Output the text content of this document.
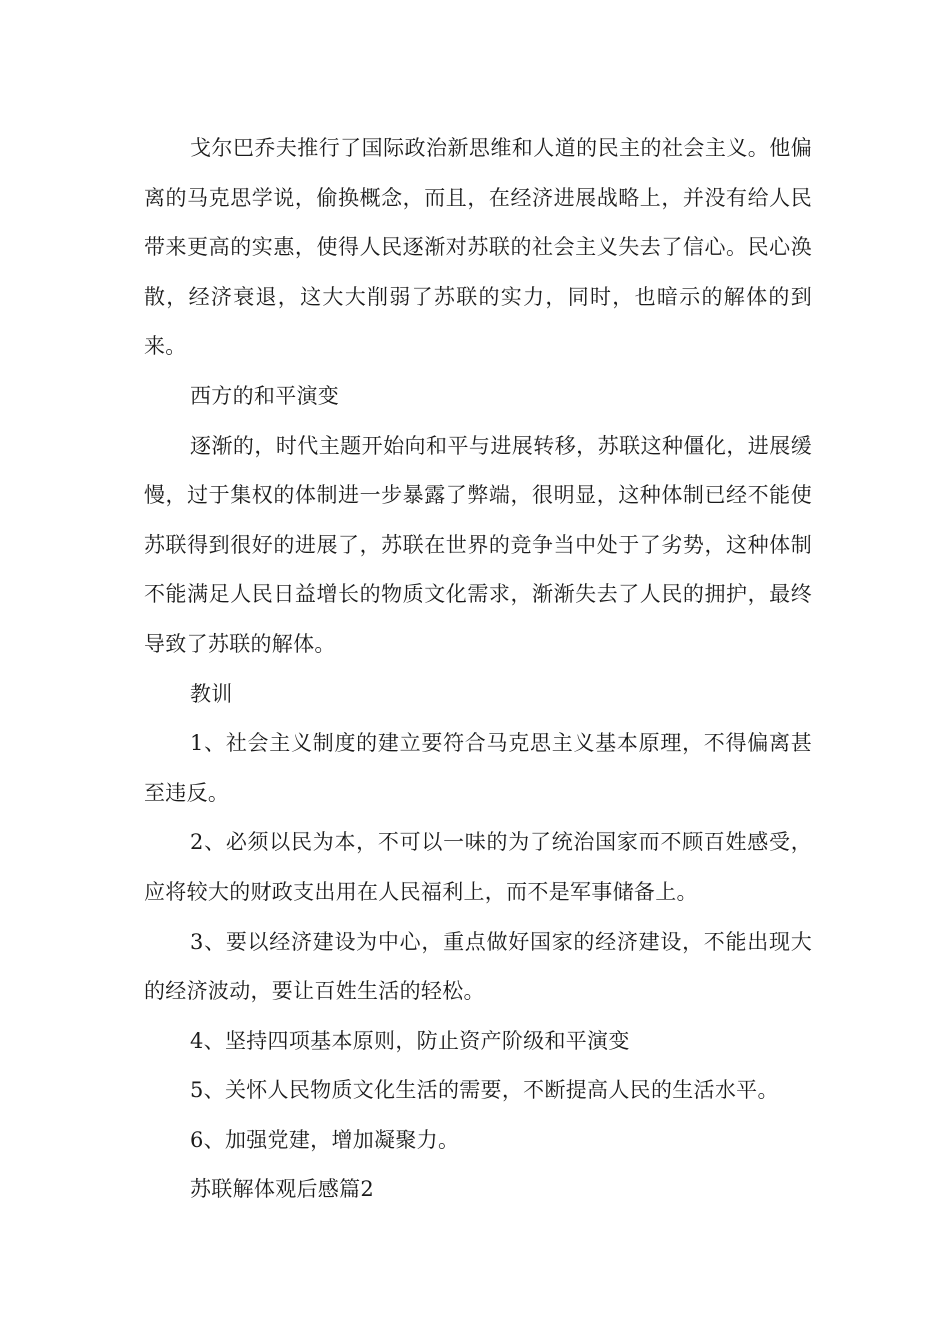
戈尔巴乔夫推行了国际政治新思维和人道的民主的社会主义。他偏离的马克思学说，偷换概念，而且，在经济进展战略上，并没有给人民带来更高的实惠，使得人民逐渐对苏联的社会主义失去了信心。民心涣散，经济衰退，这大大削弱了苏联的实力，同时，也暗示的解体的到来。

西方的和平演变

逐渐的，时代主题开始向和平与进展转移，苏联这种僵化，进展缓慢，过于集权的体制进一步暴露了弊端，很明显，这种体制已经不能使苏联得到很好的进展了，苏联在世界的竞争当中处于了劣势，这种体制不能满足人民日益增长的物质文化需求，渐渐失去了人民的拥护，最终导致了苏联的解体。

教训

1、社会主义制度的建立要符合马克思主义基本原理，不得偏离甚至违反。

2、必须以民为本，不可以一味的为了统治国家而不顾百姓感受，应将较大的财政支出用在人民福利上，而不是军事储备上。

3、要以经济建设为中心，重点做好国家的经济建设，不能出现大的经济波动，要让百姓生活的轻松。

4、坚持四项基本原则，防止资产阶级和平演变

5、关怀人民物质文化生活的需要，不断提高人民的生活水平。

6、加强党建，增加凝聚力。

苏联解体观后感篇2
